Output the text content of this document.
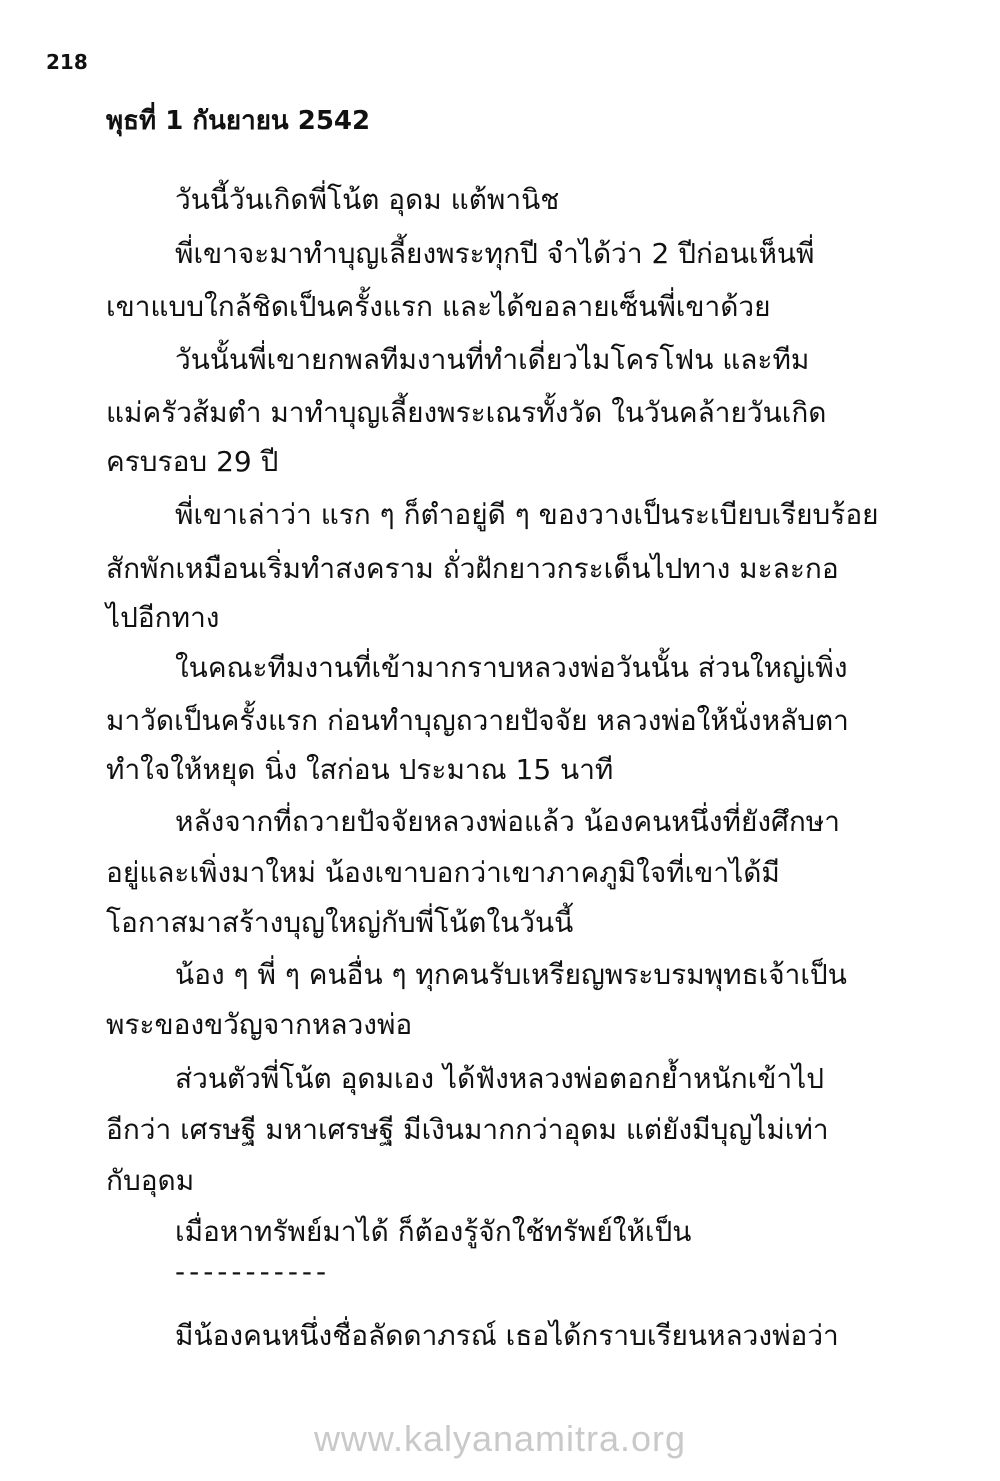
218
พุธที่ 1 กันยายน 2542
วันนี้วันเกิดพี่โน้ต อุดม แต้พานิช
พี่เขาจะมาทำบุญเลี้ยงพระทุกปี จำได้ว่า 2 ปีก่อนเห็นพี่
เขาแบบใกล้ชิดเป็นครั้งแรก และได้ขอลายเซ็นพี่เขาด้วย
วันนั้นพี่เขายกพลทีมงานที่ทำเดี่ยวไมโครโฟน และทีม
แม่ครัวส้มตำ มาทำบุญเลี้ยงพระเณรทั้งวัด ในวันคล้ายวันเกิด
ครบรอบ 29 ปี
พี่เขาเล่าว่า แรก ๆ ก็ตำอยู่ดี ๆ ของวางเป็นระเบียบเรียบร้อย
สักพักเหมือนเริ่มทำสงคราม ถั่วฝักยาวกระเด็นไปทาง มะละกอ
ไปอีกทาง
ในคณะทีมงานที่เข้ามากราบหลวงพ่อวันนั้น ส่วนใหญ่เพิ่ง
มาวัดเป็นครั้งแรก ก่อนทำบุญถวายปัจจัย หลวงพ่อให้นั่งหลับตา
ทำใจให้หยุด นิ่ง ใสก่อน ประมาณ 15 นาที
หลังจากที่ถวายปัจจัยหลวงพ่อแล้ว น้องคนหนึ่งที่ยังศึกษา
อยู่และเพิ่งมาใหม่ น้องเขาบอกว่าเขาภาคภูมิใจที่เขาได้มี
โอกาสมาสร้างบุญใหญ่กับพี่โน้ตในวันนี้
น้อง ๆ พี่ ๆ คนอื่น ๆ ทุกคนรับเหรียญพระบรมพุทธเจ้าเป็น
พระของขวัญจากหลวงพ่อ
ส่วนตัวพี่โน้ต อุดมเอง ได้ฟังหลวงพ่อตอกย้ำหนักเข้าไป
อีกว่า เศรษฐี มหาเศรษฐี มีเงินมากกว่าอุดม แต่ยังมีบุญไม่เท่า
กับอุดม
เมื่อหาทรัพย์มาได้ ก็ต้องรู้จักใช้ทรัพย์ให้เป็น
-----------
มีน้องคนหนึ่งชื่อลัดดาภรณ์ เธอได้กราบเรียนหลวงพ่อว่า
www.kalyanamitra.org
